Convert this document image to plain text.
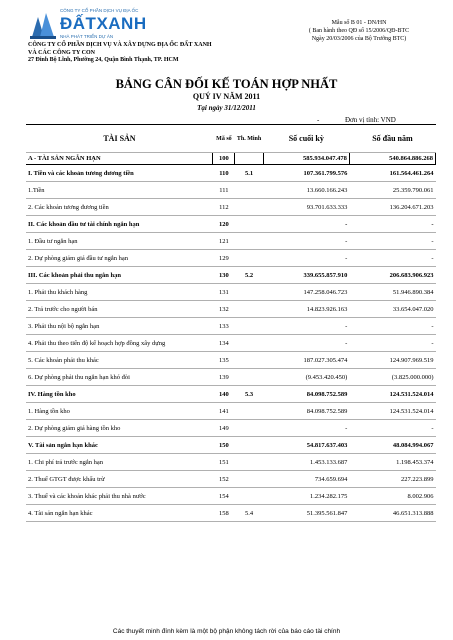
CÔNG TY CỔ PHẦN DỊCH VỤ ĐỊA ỐC
ĐẤTXANH
NHÀ PHÁT TRIỂN DỰ ÁN
CÔNG TY CỔ PHẦN DỊCH VỤ VÀ XÂY DỰNG ĐỊA ỐC ĐẤT XANH
VÀ CÁC CÔNG TY CON
27 Đinh Bộ Lĩnh, Phường 24, Quận Bình Thạnh, TP. HCM
Mẫu số B 01 - DN/HN
( Ban hành theo QĐ số 15/2006/QĐ-BTC
Ngày 20/03/2006 của Bộ Trưởng BTC)
BẢNG CÂN ĐỐI KẾ TOÁN HỢP NHẤT
QUÝ IV NĂM 2011
Tại ngày 31/12/2011
-	Đơn vị tính: VND
TÀI SẢN	Mã số	Th. Minh	Số cuối kỳ	Số đầu năm
A - TÀI SẢN NGẮN HẠN	100		585.934.047.478	540.864.886.268
I. Tiền và các khoản tương đương tiền	110	5.1	107.361.799.576	161.564.461.264
1.Tiền	111		13.660.166.243	25.359.790.061
2. Các khoản tương đương tiền	112		93.701.633.333	136.204.671.203
II. Các khoản đầu tư tài chính ngắn hạn	120		-	-
1. Đầu tư ngắn hạn	121		-	-
2. Dự phòng giảm giá đầu tư ngắn hạn	129		-	-
III. Các khoản phải thu ngắn hạn	130	5.2	339.655.857.910	206.683.906.923
1. Phải thu khách hàng	131		147.258.046.723	51.946.890.384
2. Trả trước cho người bán	132		14.823.926.163	33.654.047.020
3. Phải thu nội bộ ngắn hạn	133		-	-
4. Phải thu theo tiến độ kế hoạch hợp đồng xây dựng	134		-	-
5. Các khoản phải thu khác	135		187.027.305.474	124.907.969.519
6. Dự phòng phải thu ngắn hạn khó đòi	139		(9.453.420.450)	(3.825.000.000)
IV. Hàng tồn kho	140	5.3	84.098.752.589	124.531.524.014
1. Hàng tồn kho	141		84.098.752.589	124.531.524.014
2. Dự phòng giảm giá hàng tồn kho	149		-	-
V. Tài sản ngắn hạn khác	150		54.817.637.403	48.084.994.067
1. Chi phí trả trước ngắn hạn	151		1.453.133.687	1.198.453.374
2. Thuế GTGT được khấu trừ	152		734.659.694	227.223.899
3. Thuế và các khoản khác phải thu nhà nước	154		1.234.282.175	8.002.906
4. Tài sản ngắn hạn khác	158	5.4	51.395.561.847	46.651.313.888
Các thuyết minh đính kèm là một bộ phận không tách rời của báo cáo tài chính
